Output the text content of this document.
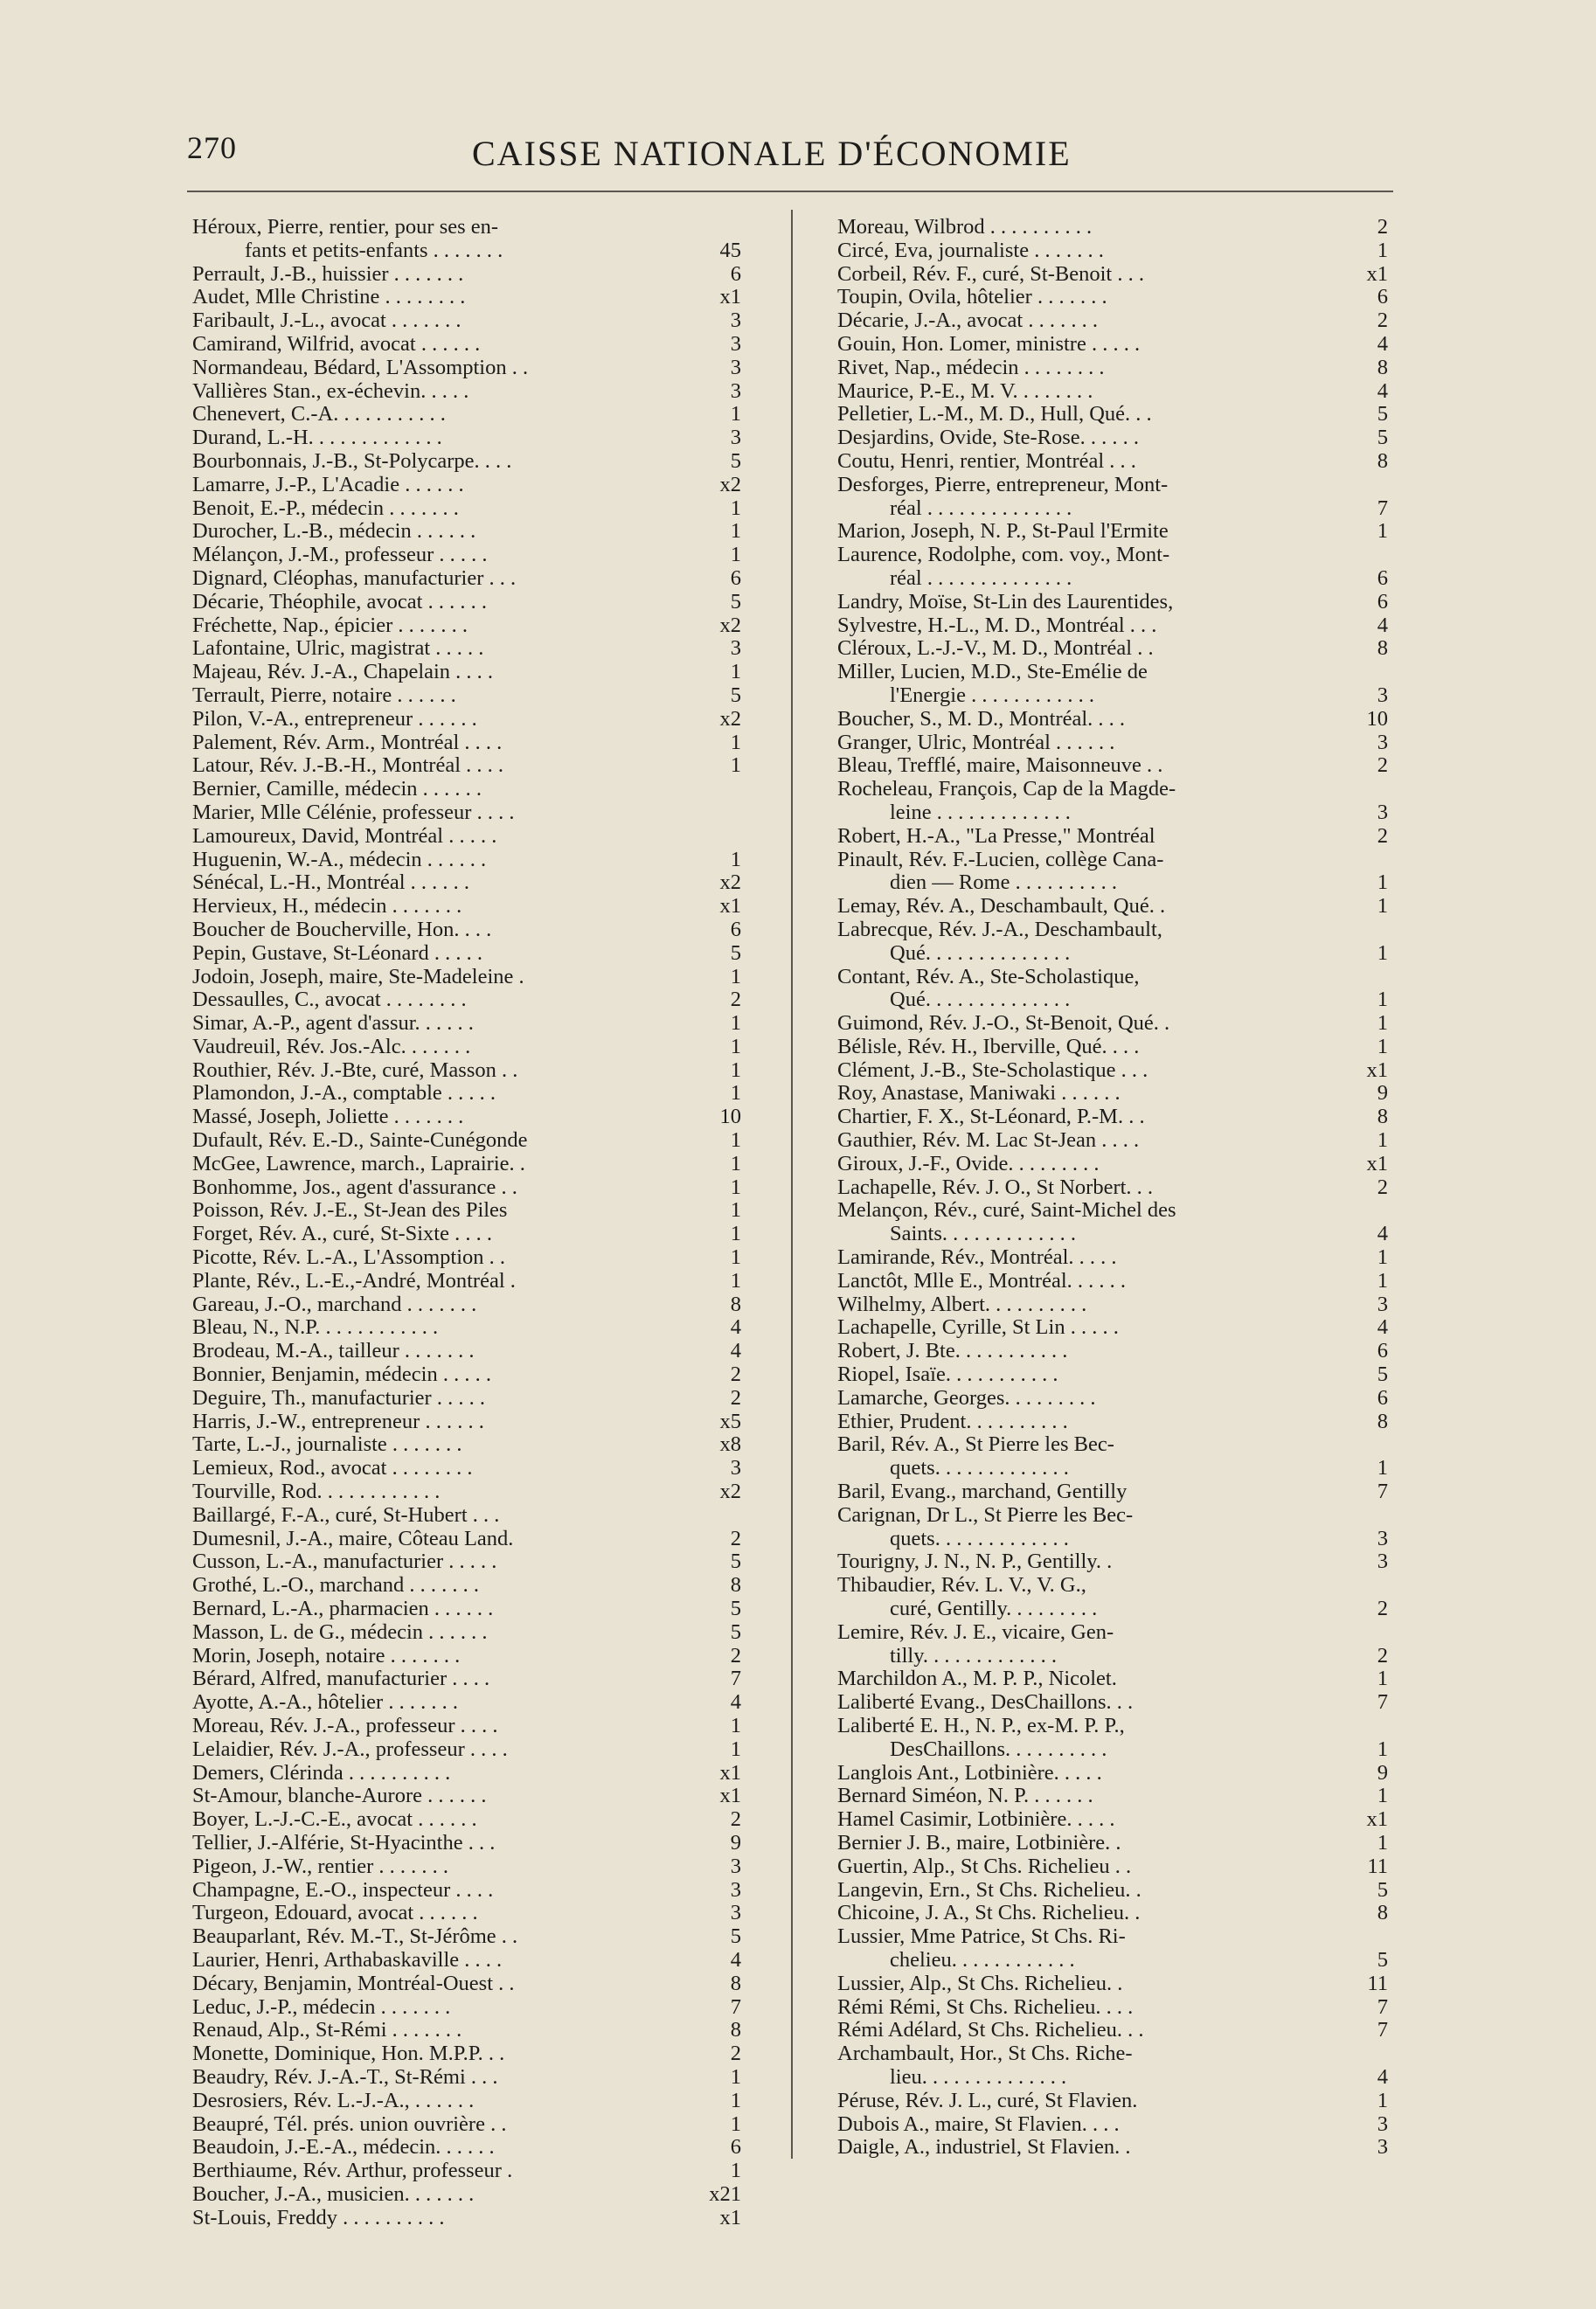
270	CAISSE NATIONALE D'ÉCONOMIE
Héroux, Pierre, rentier, pour ses en-
fants et petits-enfants . . . . . . .	45
Perrault, J.-B., huissier . . . . . . .	6
Audet, Mlle Christine . . . . . . . .	x1
Faribault, J.-L., avocat . . . . . . .	3
Camirand, Wilfrid, avocat . . . . . .	3
Normandeau, Bédard, L'Assomption . .	3
Vallières Stan., ex-échevin. . . . .	3
Chenevert, C.-A. . . . . . . . . . .	1
Durand, L.-H. . . . . . . . . . . . .	3
Bourbonnais, J.-B., St-Polycarpe. . . .	5
Lamarre, J.-P., L'Acadie . . . . . .	x2
Benoit, E.-P., médecin . . . . . . .	1
Durocher, L.-B., médecin . . . . . .	1
Mélançon, J.-M., professeur . . . . .	1
Dignard, Cléophas, manufacturier . . .	6
Décarie, Théophile, avocat . . . . . .	5
Fréchette, Nap., épicier . . . . . . .	x2
Lafontaine, Ulric, magistrat . . . . .	3
Majeau, Rév. J.-A., Chapelain . . . .	1
Terrault, Pierre, notaire . . . . . .	5
Pilon, V.-A., entrepreneur . . . . . .	x2
Palement, Rév. Arm., Montréal . . . .	1
Latour, Rév. J.-B.-H., Montréal . . . .	1
Bernier, Camille, médecin . . . . . .
Marier, Mlle Célénie, professeur . . . .
Lamoureux, David, Montréal . . . . .
Huguenin, W.-A., médecin . . . . . .	1
Sénécal, L.-H., Montréal . . . . . .	x2
Hervieux, H., médecin . . . . . . .	x1
Boucher de Boucherville, Hon. . . .	6
Pepin, Gustave, St-Léonard . . . . .	5
Jodoin, Joseph, maire, Ste-Madeleine .	1
Dessaulles, C., avocat . . . . . . . .	2
Simar, A.-P., agent d'assur. . . . . .	1
Vaudreuil, Rév. Jos.-Alc. . . . . . .	1
Routhier, Rév. J.-Bte, curé, Masson . .	1
Plamondon, J.-A., comptable . . . . .	1
Massé, Joseph, Joliette . . . . . . .	10
Dufault, Rév. E.-D., Sainte-Cunégonde	1
McGee, Lawrence, march., Laprairie. .	1
Bonhomme, Jos., agent d'assurance . .	1
Poisson, Rév. J.-E., St-Jean des Piles	1
Forget, Rév. A., curé, St-Sixte . . . .	1
Picotte, Rév. L.-A., L'Assomption . .	1
Plante, Rév., L.-E.,-André, Montréal .	1
Gareau, J.-O., marchand . . . . . . .	8
Bleau, N., N.P. . . . . . . . . . . .	4
Brodeau, M.-A., tailleur . . . . . . .	4
Bonnier, Benjamin, médecin . . . . .	2
Deguire, Th., manufacturier . . . . .	2
Harris, J.-W., entrepreneur . . . . . .	x5
Tarte, L.-J., journaliste . . . . . . .	x8
Lemieux, Rod., avocat . . . . . . . .	3
Tourville, Rod. . . . . . . . . . . .	x2
Baillargé, F.-A., curé, St-Hubert . . .
Dumesnil, J.-A., maire, Côteau Land.	2
Cusson, L.-A., manufacturier . . . . .	5
Grothé, L.-O., marchand . . . . . . .	8
Bernard, L.-A., pharmacien . . . . . .	5
Masson, L. de G., médecin . . . . . .	5
Morin, Joseph, notaire . . . . . . .	2
Bérard, Alfred, manufacturier . . . .	7
Ayotte, A.-A., hôtelier . . . . . . .	4
Moreau, Rév. J.-A., professeur . . . .	1
Lelaidier, Rév. J.-A., professeur . . . .	1
Demers, Clérinda . . . . . . . . . .	x1
St-Amour, blanche-Aurore . . . . . .	x1
Boyer, L.-J.-C.-E., avocat . . . . . .	2
Tellier, J.-Alférie, St-Hyacinthe . . .	9
Pigeon, J.-W., rentier . . . . . . .	3
Champagne, E.-O., inspecteur . . . .	3
Turgeon, Edouard, avocat . . . . . .	3
Beauparlant, Rév. M.-T., St-Jérôme . .	5
Laurier, Henri, Arthabaskaville . . . .	4
Décary, Benjamin, Montréal-Ouest . .	8
Leduc, J.-P., médecin . . . . . . .	7
Renaud, Alp., St-Rémi . . . . . . .	8
Monette, Dominique, Hon. M.P.P. . .	2
Beaudry, Rév. J.-A.-T., St-Rémi . . .	1
Desrosiers, Rév. L.-J.-A., . . . . . .	1
Beaupré, Tél. prés. union ouvrière . .	1
Beaudoin, J.-E.-A., médecin. . . . . .	6
Berthiaume, Rév. Arthur, professeur .	1
Boucher, J.-A., musicien. . . . . . .	x21
St-Louis, Freddy . . . . . . . . . .	x1
Moreau, Wilbrod . . . . . . . . . .	2
Circé, Eva, journaliste . . . . . . .	1
Corbeil, Rév. F., curé, St-Benoit . . .	x1
Toupin, Ovila, hôtelier . . . . . . .	6
Décarie, J.-A., avocat . . . . . . .	2
Gouin, Hon. Lomer, ministre . . . . .	4
Rivet, Nap., médecin . . . . . . . .	8
Maurice, P.-E., M. V. . . . . . . .	4
Pelletier, L.-M., M. D., Hull, Qué. . .	5
Desjardins, Ovide, Ste-Rose. . . . . .	5
Coutu, Henri, rentier, Montréal . . .	8
Desforges, Pierre, entrepreneur, Mont-
réal . . . . . . . . . . . . . .	7
Marion, Joseph, N. P., St-Paul l'Ermite	1
Laurence, Rodolphe, com. voy., Mont-
réal . . . . . . . . . . . . . .	6
Landry, Moïse, St-Lin des Laurentides,	6
Sylvestre, H.-L., M. D., Montréal . . .	4
Cléroux, L.-J.-V., M. D., Montréal . .	8
Miller, Lucien, M.D., Ste-Emélie de
l'Energie . . . . . . . . . . . .	3
Boucher, S., M. D., Montréal. . . .	10
Granger, Ulric, Montréal . . . . . .	3
Bleau, Trefflé, maire, Maisonneuve . .	2
Rocheleau, François, Cap de la Magde-
leine . . . . . . . . . . . . .	3
Robert, H.-A., "La Presse," Montréal	2
Pinault, Rév. F.-Lucien, collège Cana-
dien — Rome . . . . . . . . . .	1
Lemay, Rév. A., Deschambault, Qué. .	1
Labrecque, Rév. J.-A., Deschambault,
Qué. . . . . . . . . . . . . .	1
Contant, Rév. A., Ste-Scholastique,
Qué. . . . . . . . . . . . . .	1
Guimond, Rév. J.-O., St-Benoit, Qué. .	1
Bélisle, Rév. H., Iberville, Qué. . . .	1
Clément, J.-B., Ste-Scholastique . . .	x1
Roy, Anastase, Maniwaki . . . . . .	9
Chartier, F. X., St-Léonard, P.-M. . .	8
Gauthier, Rév. M. Lac St-Jean . . . .	1
Giroux, J.-F., Ovide. . . . . . . . .	x1
Lachapelle, Rév. J. O., St Norbert. . .	2
Melançon, Rév., curé, Saint-Michel des
Saints. . . . . . . . . . . . .	4
Lamirande, Rév., Montréal. . . . .	1
Lanctôt, Mlle E., Montréal. . . . . .	1
Wilhelmy, Albert. . . . . . . . . .	3
Lachapelle, Cyrille, St Lin . . . . .	4
Robert, J. Bte. . . . . . . . . . .	6
Riopel, Isaïe. . . . . . . . . . .	5
Lamarche, Georges. . . . . . . . .	6
Ethier, Prudent. . . . . . . . . .	8
Baril, Rév. A., St Pierre les Bec-
quets. . . . . . . . . . . . .	1
Baril, Evang., marchand, Gentilly	7
Carignan, Dr L., St Pierre les Bec-
quets. . . . . . . . . . . . .	3
Tourigny, J. N., N. P., Gentilly. .	3
Thibaudier, Rév. L. V., V. G.,
curé, Gentilly. . . . . . . . .	2
Lemire, Rév. J. E., vicaire, Gen-
tilly. . . . . . . . . . . . .	2
Marchildon A., M. P. P., Nicolet.	1
Laliberté Evang., DesChaillons. . .	7
Laliberté E. H., N. P., ex-M. P. P.,
DesChaillons. . . . . . . . . .	1
Langlois Ant., Lotbinière. . . . .	9
Bernard Siméon, N. P. . . . . . .	1
Hamel Casimir, Lotbinière. . . . .	x1
Bernier J. B., maire, Lotbinière. .	1
Guertin, Alp., St Chs. Richelieu . .	11
Langevin, Ern., St Chs. Richelieu. .	5
Chicoine, J. A., St Chs. Richelieu. .	8
Lussier, Mme Patrice, St Chs. Ri-
chelieu. . . . . . . . . . . .	5
Lussier, Alp., St Chs. Richelieu. .	11
Rémi Rémi, St Chs. Richelieu. . . .	7
Rémi Adélard, St Chs. Richelieu. . .	7
Archambault, Hor., St Chs. Riche-
lieu. . . . . . . . . . . . . .	4
Péruse, Rév. J. L., curé, St Flavien.	1
Dubois A., maire, St Flavien. . . .	3
Daigle, A., industriel, St Flavien. .	3
